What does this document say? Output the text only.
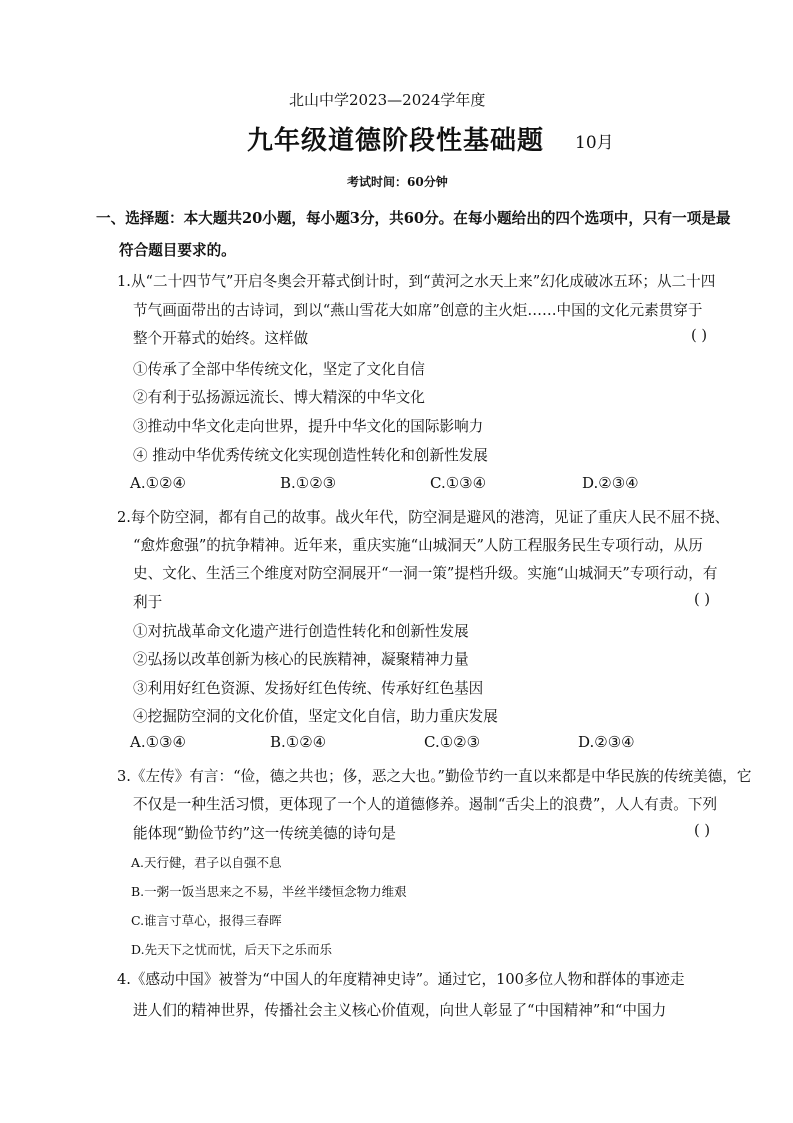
北山中学2023—2024学年度
九年级道德阶段性基础题 10月
考试时间：60分钟
一、选择题：本大题共20小题，每小题3分，共60分。在每小题给出的四个选项中，只有一项是最
符合题目要求的。
1.从“二十四节气”开启冬奥会开幕式倒计时，到“黄河之水天上来”幻化成破冰五环；从二十四
节气画面带出的古诗词，到以“燕山雪花大如席”创意的主火炬……中国的文化元素贯穿于
整个开幕式的始终。这样做	( )
①传承了全部中华传统文化，坚定了文化自信
②有利于弘扬源远流长、博大精深的中华文化
③推动中华文化走向世界，提升中华文化的国际影响力
④ 推动中华优秀传统文化实现创造性转化和创新性发展
A.①②④	B.①②③	C.①③④	D.②③④
2.每个防空洞，都有自己的故事。战火年代，防空洞是避风的港湾，见证了重庆人民不屈不挠、
“愈炸愈强”的抗争精神。近年来，重庆实施“山城洞天”人防工程服务民生专项行动，从历
史、文化、生活三个维度对防空洞展开“一洞一策”提档升级。实施“山城洞天”专项行动，有
利于	( )
①对抗战革命文化遗产进行创造性转化和创新性发展
②弘扬以改革创新为核心的民族精神，凝聚精神力量
③利用好红色资源、发扬好红色传统、传承好红色基因
④挖掘防空洞的文化价值，坚定文化自信，助力重庆发展
A.①③④	B.①②④	C.①②③	D.②③④
3.《左传》有言：“俭，德之共也；侈，恶之大也。”勤俭节约一直以来都是中华民族的传统美德，它
不仅是一种生活习惯，更体现了一个人的道德修养。遏制“舌尖上的浪费”，人人有责。下列
能体现“勤俭节约”这一传统美德的诗句是	( )
A.天行健，君子以自强不息
B.一粥一饭当思来之不易，半丝半缕恒念物力维艰
C.谁言寸草心，报得三春晖
D.先天下之忧而忧，后天下之乐而乐
4.《感动中国》被誉为“中国人的年度精神史诗”。通过它，100多位人物和群体的事迹走
进人们的精神世界，传播社会主义核心价值观，向世人彰显了“中国精神”和“中国力
